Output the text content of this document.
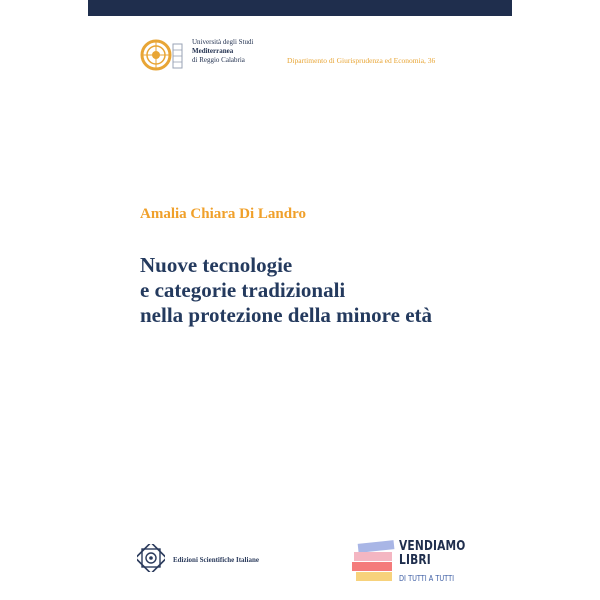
Università degli Studi
Mediterranea
di Reggio Calabria	Dipartimento di Giurisprudenza ed Economia, 36
Amalia Chiara Di Landro
Nuove tecnologie
e categorie tradizionali
nella protezione della minore età
Edizioni Scientifiche Italiane
VENDIAMO
LIBRI
DI TUTTI A TUTTI
